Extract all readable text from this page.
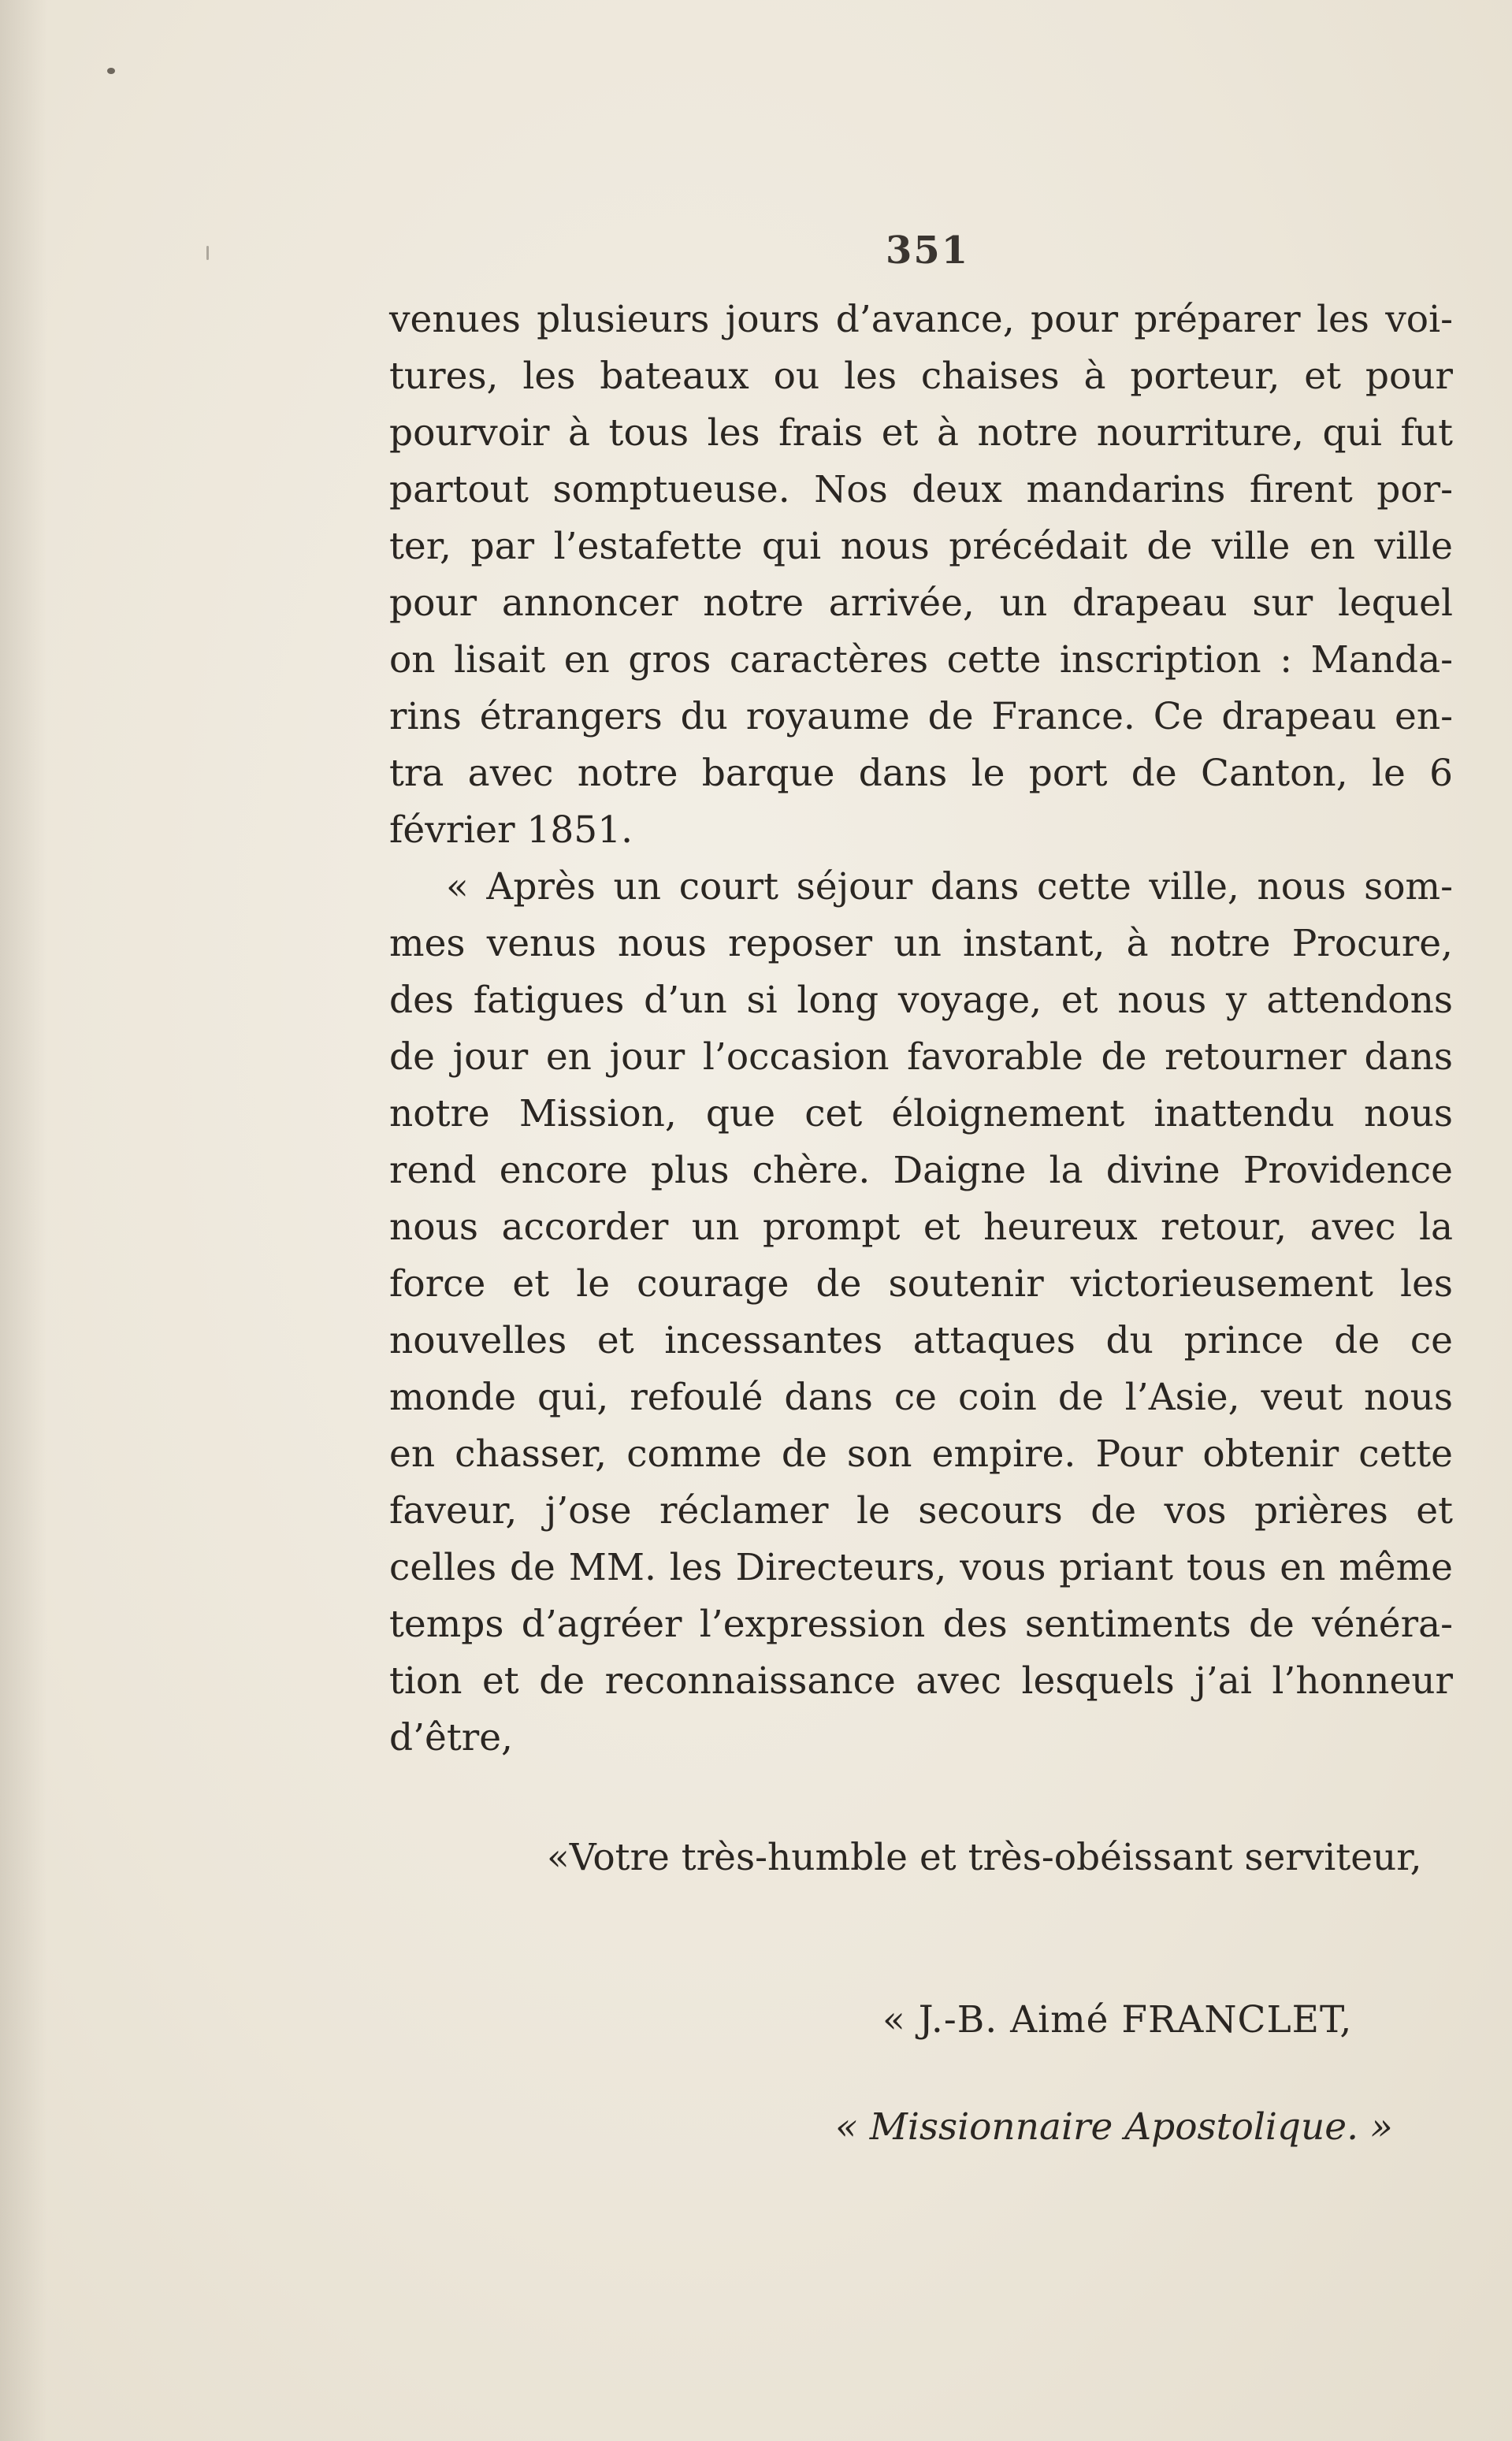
351
venues plusieurs jours d’avance, pour préparer les voi-
tures, les bateaux ou les chaises à porteur, et pour
pourvoir à tous les frais et à notre nourriture, qui fut
partout somptueuse. Nos deux mandarins firent por-
ter, par l’estafette qui nous précédait de ville en ville
pour annoncer notre arrivée, un drapeau sur lequel
on lisait en gros caractères cette inscription : Manda-
rins étrangers du royaume de France. Ce drapeau en-
tra avec notre barque dans le port de Canton, le 6
février 1851.
« Après un court séjour dans cette ville, nous som-
mes venus nous reposer un instant, à notre Procure,
des fatigues d’un si long voyage, et nous y attendons
de jour en jour l’occasion favorable de retourner dans
notre Mission, que cet éloignement inattendu nous
rend encore plus chère. Daigne la divine Providence
nous accorder un prompt et heureux retour, avec la
force et le courage de soutenir victorieusement les
nouvelles et incessantes attaques du prince de ce
monde qui, refoulé dans ce coin de l’Asie, veut nous
en chasser, comme de son empire. Pour obtenir cette
faveur, j’ose réclamer le secours de vos prières et
celles de MM. les Directeurs, vous priant tous en même
temps d’agréer l’expression des sentiments de vénéra-
tion et de reconnaissance avec lesquels j’ai l’honneur
d’être,
«Votre très-humble et très-obéissant serviteur,
« J.-B. Aimé FRANCLET,
« Missionnaire Apostolique. »
